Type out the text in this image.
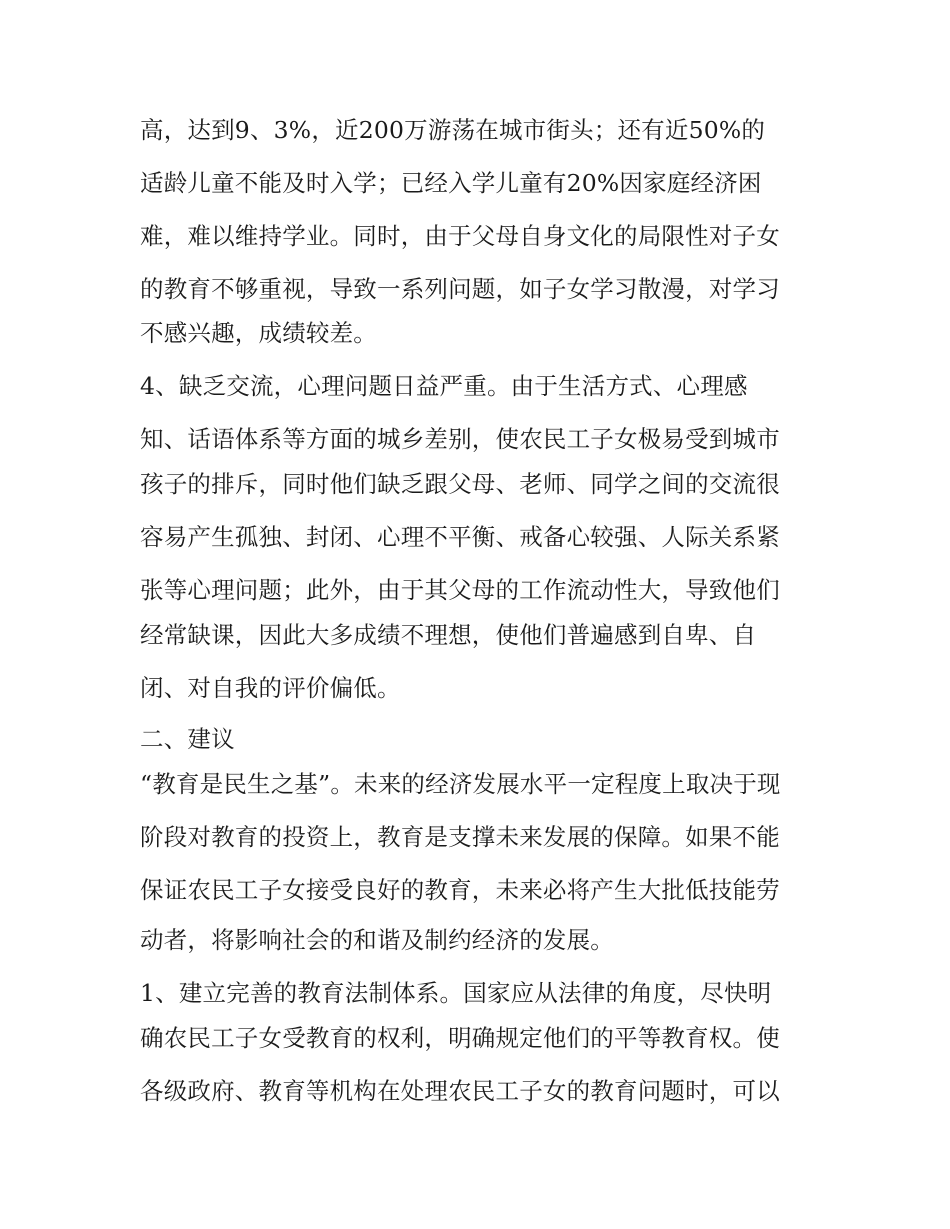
高，达到9、3%，近200万游荡在城市街头；还有近50%的
适龄儿童不能及时入学；已经入学儿童有20%因家庭经济困
难，难以维持学业。同时，由于父母自身文化的局限性对子女
的教育不够重视，导致一系列问题，如子女学习散漫，对学习
不感兴趣，成绩较差。
4、缺乏交流，心理问题日益严重。由于生活方式、心理感
知、话语体系等方面的城乡差别，使农民工子女极易受到城市
孩子的排斥，同时他们缺乏跟父母、老师、同学之间的交流很
容易产生孤独、封闭、心理不平衡、戒备心较强、人际关系紧
张等心理问题；此外，由于其父母的工作流动性大，导致他们
经常缺课，因此大多成绩不理想，使他们普遍感到自卑、自
闭、对自我的评价偏低。
二、建议
“教育是民生之基”。未来的经济发展水平一定程度上取决于现
阶段对教育的投资上，教育是支撑未来发展的保障。如果不能
保证农民工子女接受良好的教育，未来必将产生大批低技能劳
动者，将影响社会的和谐及制约经济的发展。
1、建立完善的教育法制体系。国家应从法律的角度，尽快明
确农民工子女受教育的权利，明确规定他们的平等教育权。使
各级政府、教育等机构在处理农民工子女的教育问题时，可以
